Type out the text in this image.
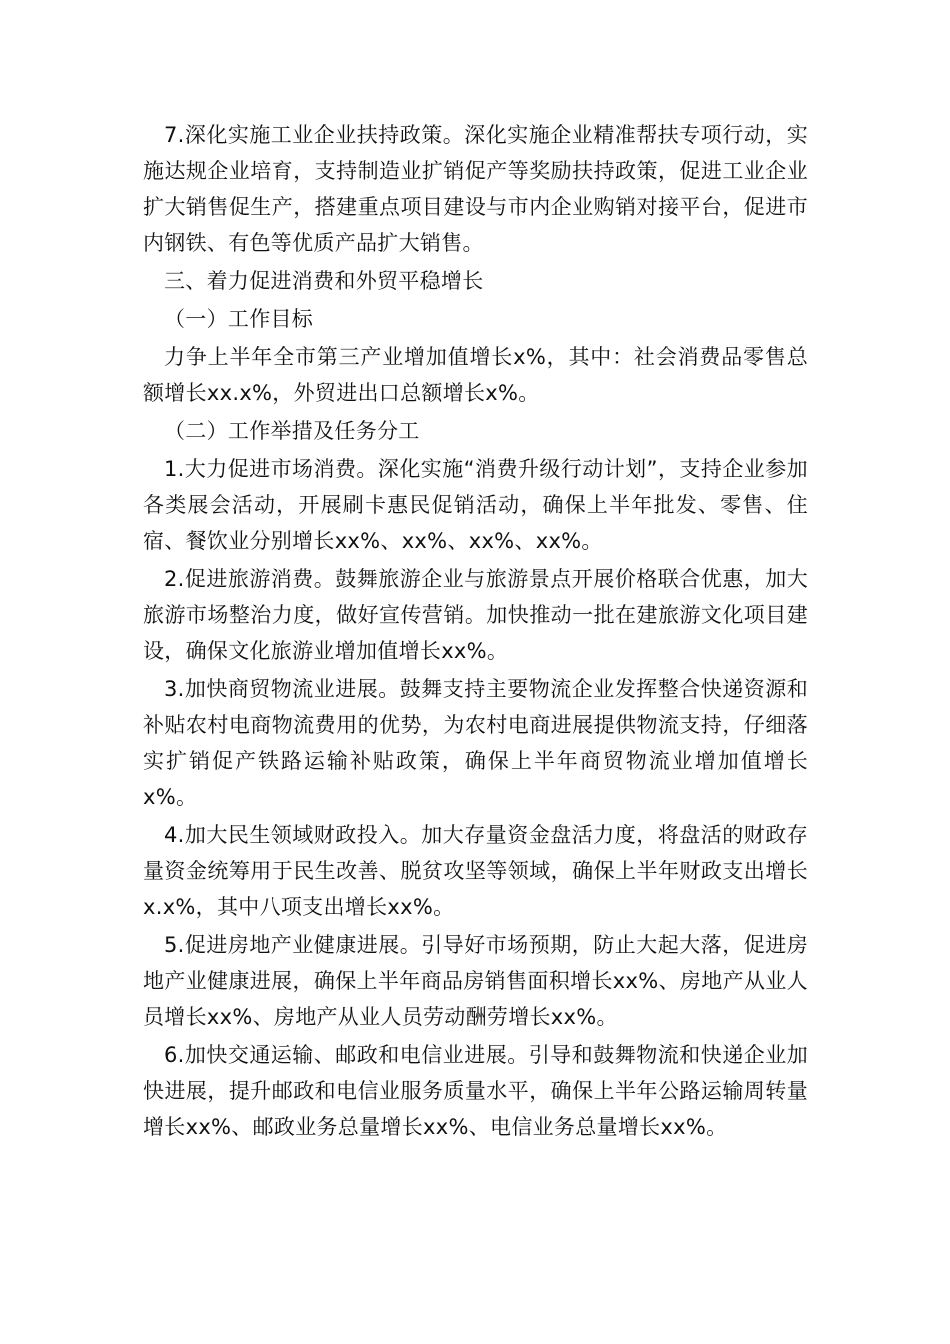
7.深化实施工业企业扶持政策。深化实施企业精准帮扶专项行动，实施达规企业培育，支持制造业扩销促产等奖励扶持政策，促进工业企业扩大销售促生产，搭建重点项目建设与市内企业购销对接平台，促进市内钢铁、有色等优质产品扩大销售。

三、着力促进消费和外贸平稳增长

（一）工作目标

力争上半年全市第三产业增加值增长x%，其中：社会消费品零售总额增长xx.x%，外贸进出口总额增长x%。

（二）工作举措及任务分工

1.大力促进市场消费。深化实施“消费升级行动计划”，支持企业参加各类展会活动，开展刷卡惠民促销活动，确保上半年批发、零售、住宿、餐饮业分别增长xx%、xx%、xx%、xx%。

2.促进旅游消费。鼓舞旅游企业与旅游景点开展价格联合优惠，加大旅游市场整治力度，做好宣传营销。加快推动一批在建旅游文化项目建设，确保文化旅游业增加值增长xx%。

3.加快商贸物流业进展。鼓舞支持主要物流企业发挥整合快递资源和补贴农村电商物流费用的优势，为农村电商进展提供物流支持，仔细落实扩销促产铁路运输补贴政策，确保上半年商贸物流业增加值增长x%。

4.加大民生领域财政投入。加大存量资金盘活力度，将盘活的财政存量资金统筹用于民生改善、脱贫攻坚等领域，确保上半年财政支出增长x.x%，其中八项支出增长xx%。

5.促进房地产业健康进展。引导好市场预期，防止大起大落，促进房地产业健康进展，确保上半年商品房销售面积增长xx%、房地产从业人员增长xx%、房地产从业人员劳动酬劳增长xx%。

6.加快交通运输、邮政和电信业进展。引导和鼓舞物流和快递企业加快进展，提升邮政和电信业服务质量水平，确保上半年公路运输周转量增长xx%、邮政业务总量增长xx%、电信业务总量增长xx%。
